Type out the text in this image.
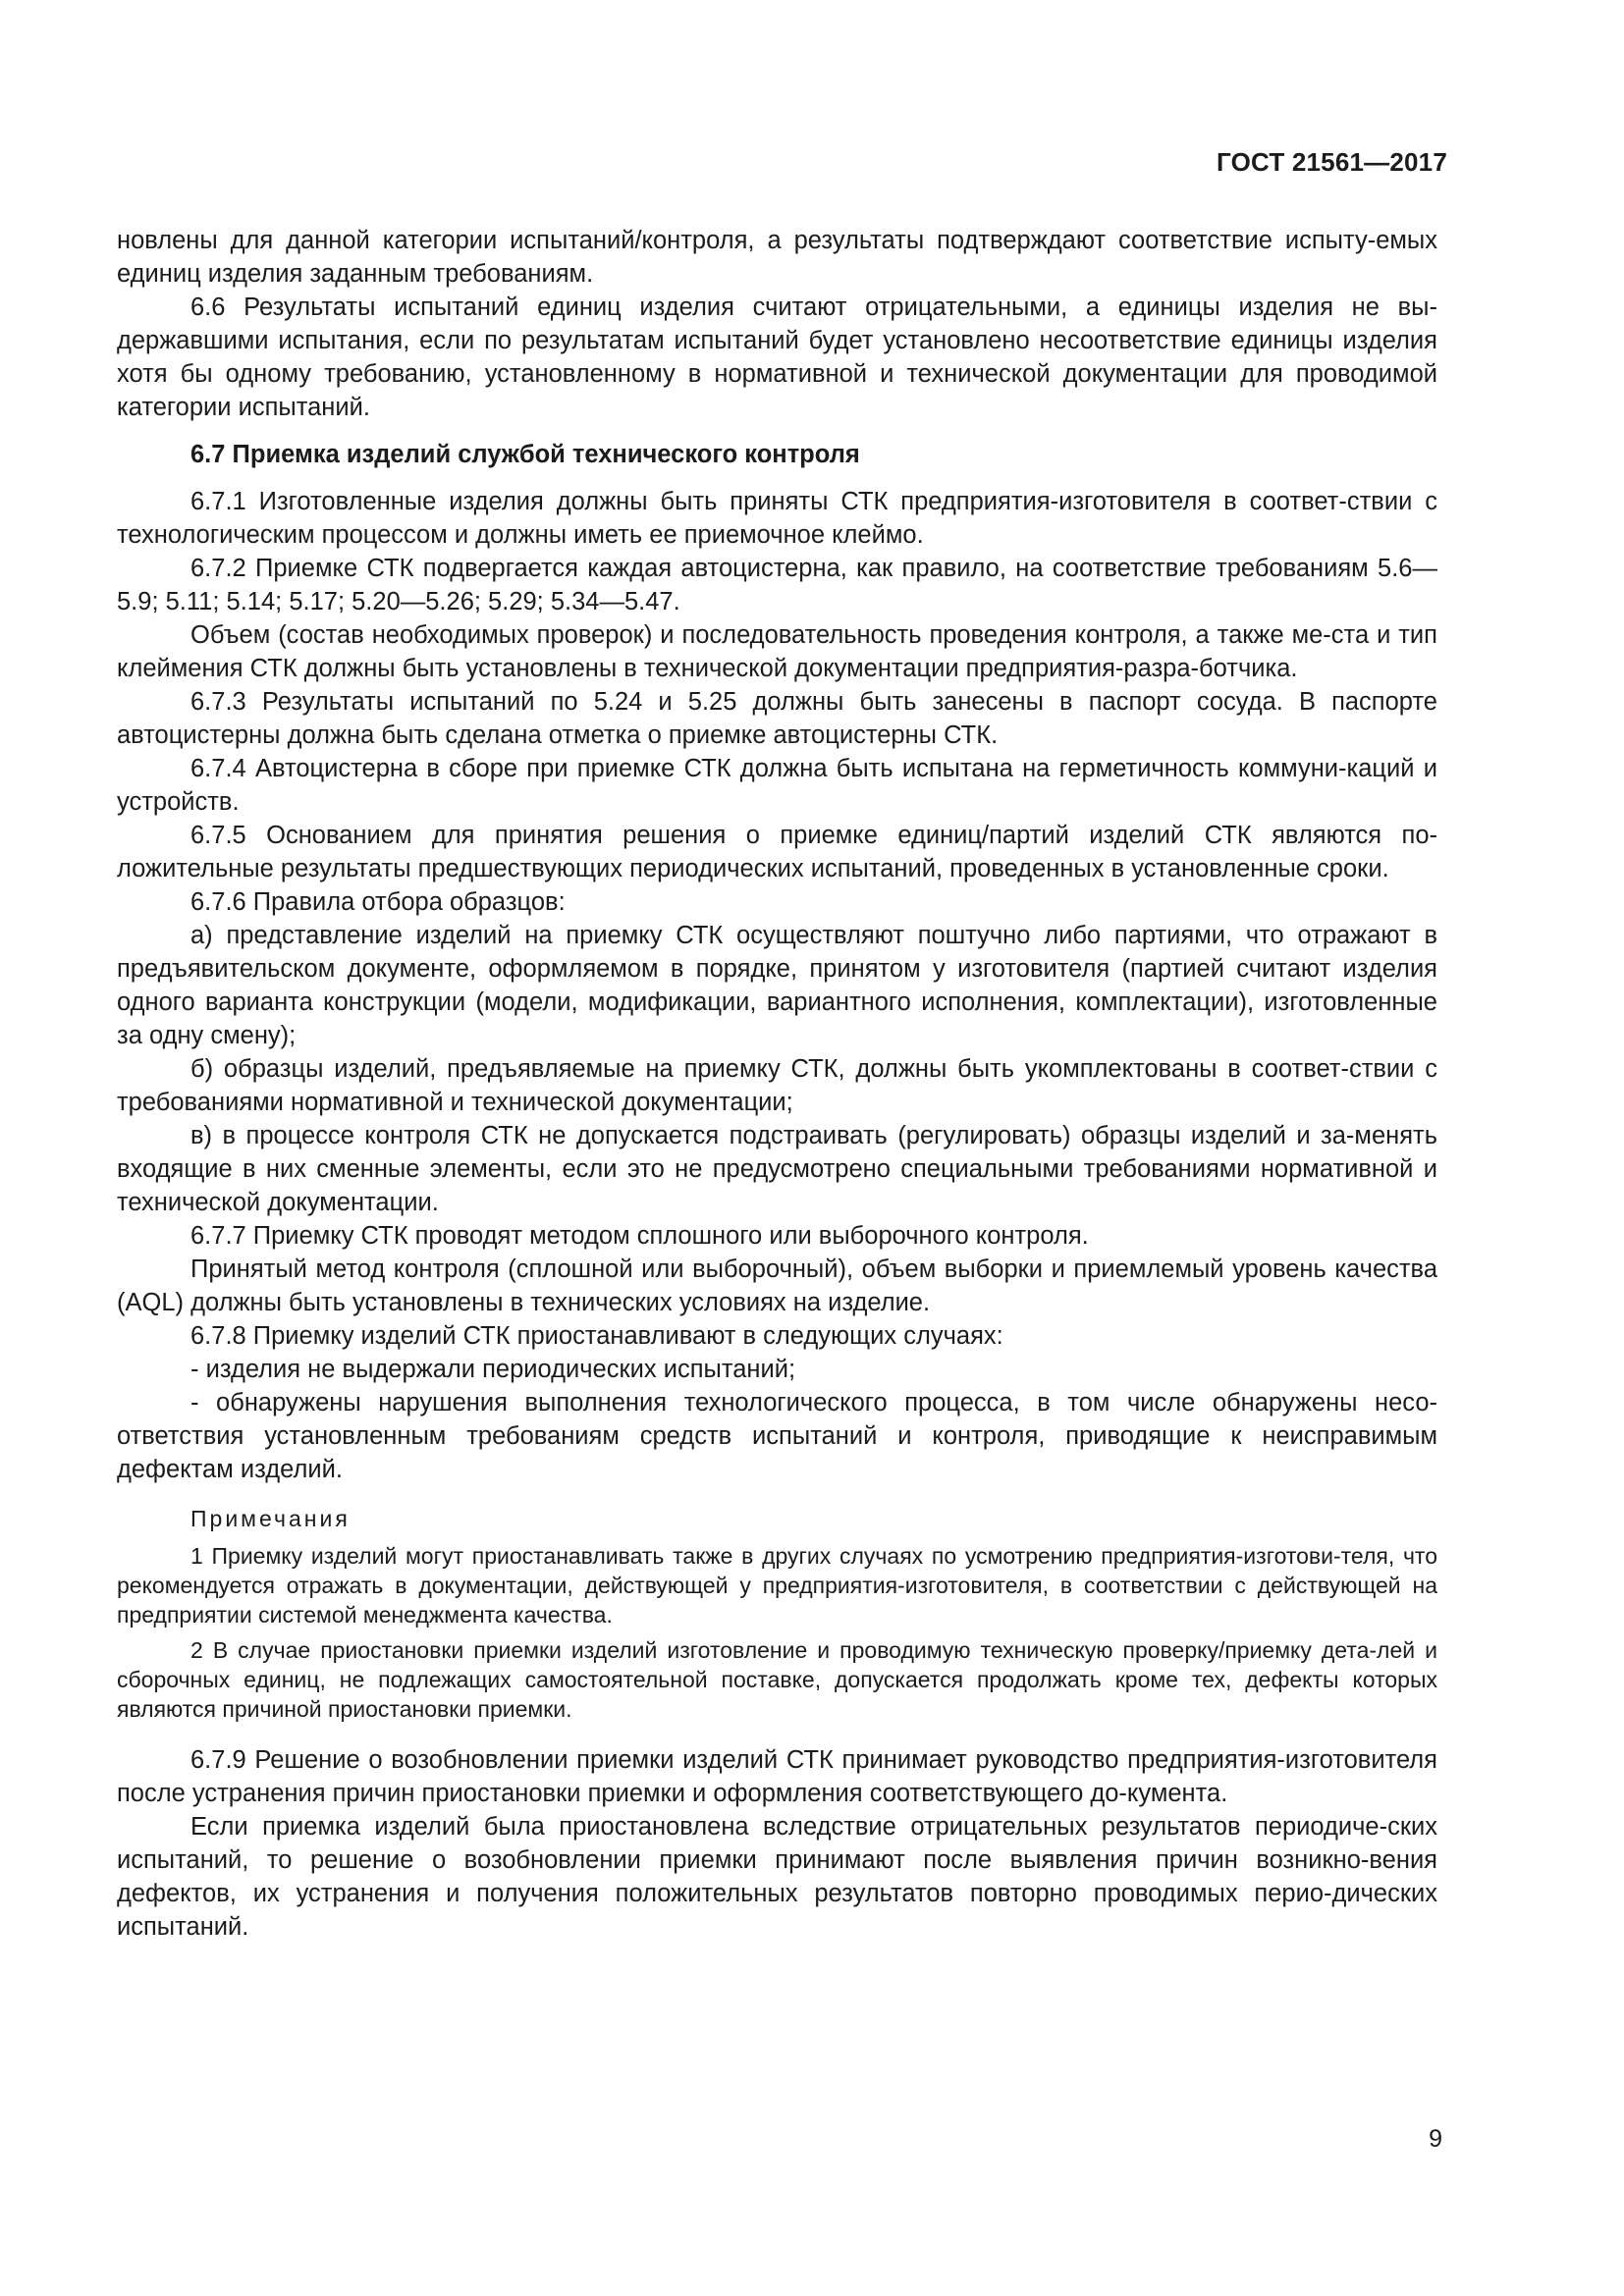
ГОСТ 21561—2017

новлены для данной категории испытаний/контроля, а результаты подтверждают соответствие испыту-емых единиц изделия заданным требованиям.

6.6 Результаты испытаний единиц изделия считают отрицательными, а единицы изделия не вы-державшими испытания, если по результатам испытаний будет установлено несоответствие единицы изделия хотя бы одному требованию, установленному в нормативной и технической документации для проводимой категории испытаний.

6.7 Приемка изделий службой технического контроля

6.7.1 Изготовленные изделия должны быть приняты СТК предприятия-изготовителя в соответ-ствии с технологическим процессом и должны иметь ее приемочное клеймо.

6.7.2 Приемке СТК подвергается каждая автоцистерна, как правило, на соответствие требованиям 5.6—5.9; 5.11; 5.14; 5.17; 5.20—5.26; 5.29; 5.34—5.47.

Объем (состав необходимых проверок) и последовательность проведения контроля, а также ме-ста и тип клеймения СТК должны быть установлены в технической документации предприятия-разра-ботчика.

6.7.3 Результаты испытаний по 5.24 и 5.25 должны быть занесены в паспорт сосуда. В паспорте автоцистерны должна быть сделана отметка о приемке автоцистерны СТК.

6.7.4 Автоцистерна в сборе при приемке СТК должна быть испытана на герметичность коммуни-каций и устройств.

6.7.5 Основанием для принятия решения о приемке единиц/партий изделий СТК являются по-ложительные результаты предшествующих периодических испытаний, проведенных в установленные сроки.

6.7.6 Правила отбора образцов:

а) представление изделий на приемку СТК осуществляют поштучно либо партиями, что отражают в предъявительском документе, оформляемом в порядке, принятом у изготовителя (партией считают изделия одного варианта конструкции (модели, модификации, вариантного исполнения, комплектации), изготовленные за одну смену);

б) образцы изделий, предъявляемые на приемку СТК, должны быть укомплектованы в соответ-ствии с требованиями нормативной и технической документации;

в) в процессе контроля СТК не допускается подстраивать (регулировать) образцы изделий и за-менять входящие в них сменные элементы, если это не предусмотрено специальными требованиями нормативной и технической документации.

6.7.7 Приемку СТК проводят методом сплошного или выборочного контроля.

Принятый метод контроля (сплошной или выборочный), объем выборки и приемлемый уровень качества (AQL) должны быть установлены в технических условиях на изделие.

6.7.8 Приемку изделий СТК приостанавливают в следующих случаях:

- изделия не выдержали периодических испытаний;

- обнаружены нарушения выполнения технологического процесса, в том числе обнаружены несо-ответствия установленным требованиям средств испытаний и контроля, приводящие к неисправимым дефектам изделий.

Примечания

1 Приемку изделий могут приостанавливать также в других случаях по усмотрению предприятия-изготови-теля, что рекомендуется отражать в документации, действующей у предприятия-изготовителя, в соответствии с действующей на предприятии системой менеджмента качества.

2 В случае приостановки приемки изделий изготовление и проводимую техническую проверку/приемку дета-лей и сборочных единиц, не подлежащих самостоятельной поставке, допускается продолжать кроме тех, дефекты которых являются причиной приостановки приемки.

6.7.9 Решение о возобновлении приемки изделий СТК принимает руководство предприятия-изготовителя после устранения причин приостановки приемки и оформления соответствующего до-кумента.

Если приемка изделий была приостановлена вследствие отрицательных результатов периодиче-ских испытаний, то решение о возобновлении приемки принимают после выявления причин возникно-вения дефектов, их устранения и получения положительных результатов повторно проводимых перио-дических испытаний.

9
